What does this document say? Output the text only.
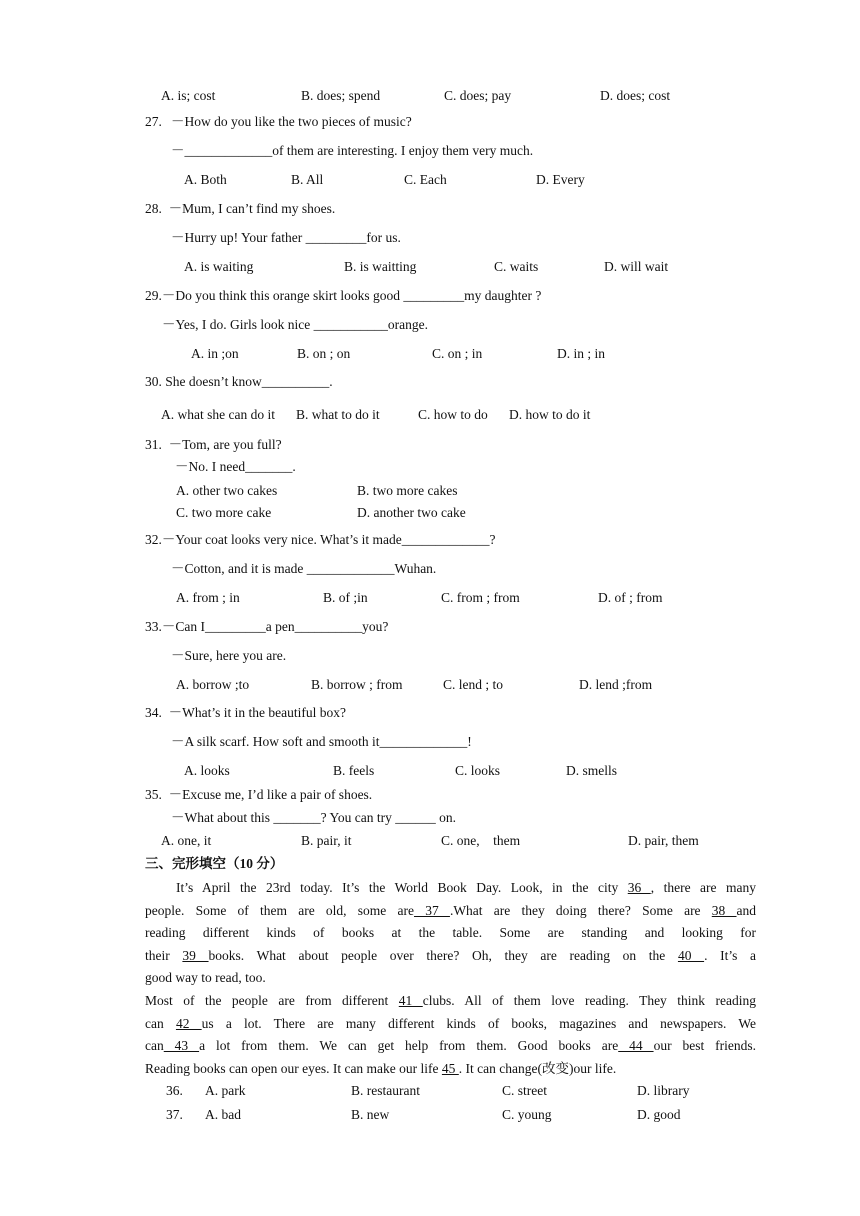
A. is; cost	B. does; spend	C. does; pay	D. does; cost
27. －How do you like the two pieces of music?
－_____________of them are interesting. I enjoy them very much.
A. Both	B. All	C. Each	D. Every
28.  －Mum, I can’t find my shoes.
－Hurry up! Your father _________for us.
A. is waiting	B. is waitting	C. waits	D. will wait
29.－Do you think this orange skirt looks good _________my daughter ?
－Yes, I do. Girls look nice ___________orange.
A. in ;on	B. on ; on	C. on ; in	D. in ; in
30. She doesn’t know__________.
A. what she can do it B. what to do it	C. how to do D. how to do it
31.  －Tom, are you full?
－No. I need_______.
A. other two cakes	B. two more cakes
C. two more cake	D. another two cake
32.－Your coat looks very nice. What’s it made_____________?
－Cotton, and it is made _____________Wuhan.
A. from ; in	B. of ;in	C. from ; from	D. of ; from
33.－Can I_________a pen__________you?
－Sure, here you are.
A. borrow ;to	B. borrow ; from	C. lend ; to	D. lend ;from
34.  －What’s it in the beautiful box?
－A silk scarf. How soft and smooth it_____________!
A. looks	B. feels	C. looks	D. smells
35.  －Excuse me, I’d like a pair of shoes.
－What about this _______? You can try ______ on.
A. one, it	B. pair, it	C. one,    them	D. pair, them
三、完形填空（10 分）
It’s April the 23rd today. It’s the World Book Day. Look, in the city 36 , there are many
people. Some of them are old, some are 37 .What are they doing there? Some are 38 and
reading different kinds of books at the table. Some are standing and looking for
their 39 books. What about people over there? Oh, they are reading on the 40 . It’s a
good way to read, too.
Most of the people are from different 41 clubs. All of them love reading. They think reading
can 42 us a lot. There are many different kinds of books, magazines and newspapers. We
can 43 a lot from them. We can get help from them. Good books are 44 our best friends.
Reading books can open our eyes. It can make our life 45 . It can change(改变)our life.
36. A. park	B. restaurant	C. street	D. library
37. A. bad	B. new	C. young	D. good
